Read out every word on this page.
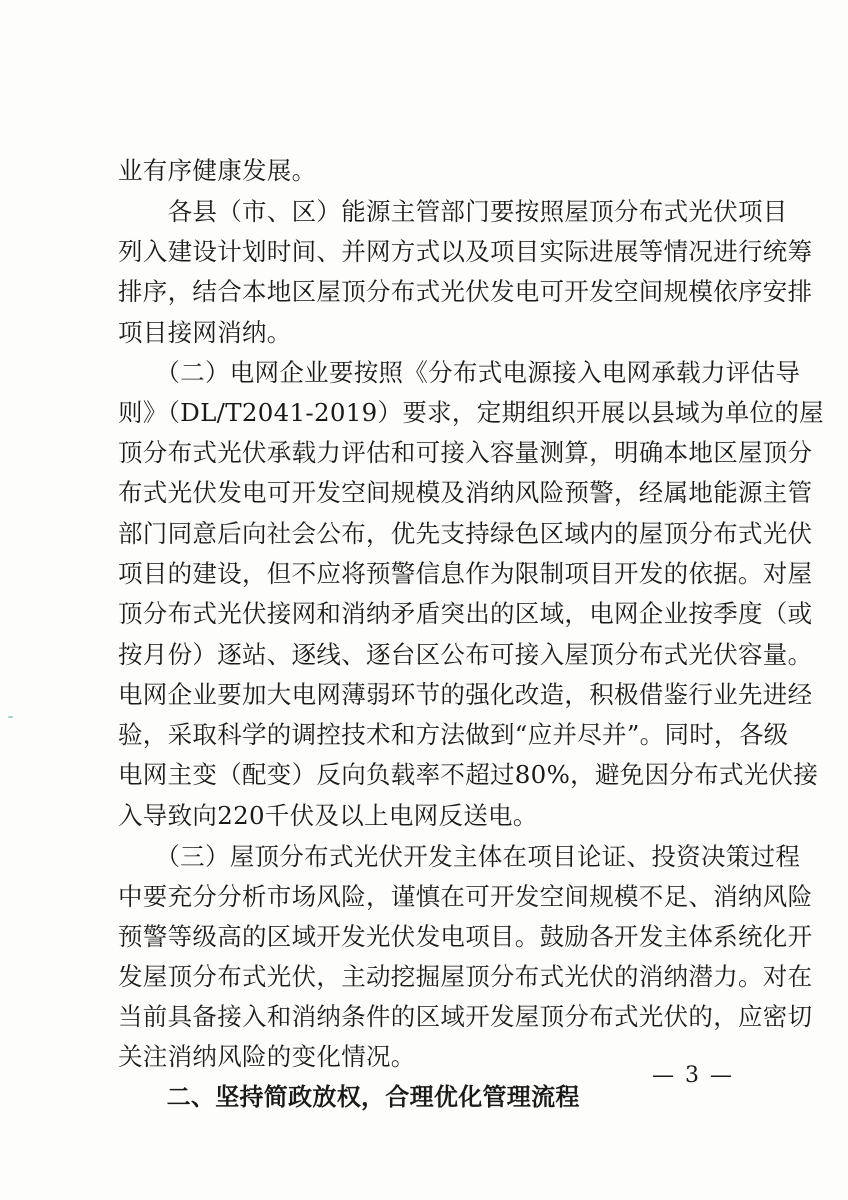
业有序健康发展。
　　各县（市、区）能源主管部门要按照屋顶分布式光伏项目
列入建设计划时间、并网方式以及项目实际进展等情况进行统筹
排序，结合本地区屋顶分布式光伏发电可开发空间规模依序安排
项目接网消纳。
　　（二）电网企业要按照《分布式电源接入电网承载力评估导
则》（DL/T2041-2019）要求，定期组织开展以县域为单位的屋
顶分布式光伏承载力评估和可接入容量测算，明确本地区屋顶分
布式光伏发电可开发空间规模及消纳风险预警，经属地能源主管
部门同意后向社会公布，优先支持绿色区域内的屋顶分布式光伏
项目的建设，但不应将预警信息作为限制项目开发的依据。对屋
顶分布式光伏接网和消纳矛盾突出的区域，电网企业按季度（或
按月份）逐站、逐线、逐台区公布可接入屋顶分布式光伏容量。
电网企业要加大电网薄弱环节的强化改造，积极借鉴行业先进经
验，采取科学的调控技术和方法做到“应并尽并”。同时，各级
电网主变（配变）反向负载率不超过80%，避免因分布式光伏接
入导致向220千伏及以上电网反送电。
　　（三）屋顶分布式光伏开发主体在项目论证、投资决策过程
中要充分分析市场风险，谨慎在可开发空间规模不足、消纳风险
预警等级高的区域开发光伏发电项目。鼓励各开发主体系统化开
发屋顶分布式光伏，主动挖掘屋顶分布式光伏的消纳潜力。对在
当前具备接入和消纳条件的区域开发屋顶分布式光伏的，应密切
关注消纳风险的变化情况。
　　二、坚持简政放权，合理优化管理流程
— 3 —
